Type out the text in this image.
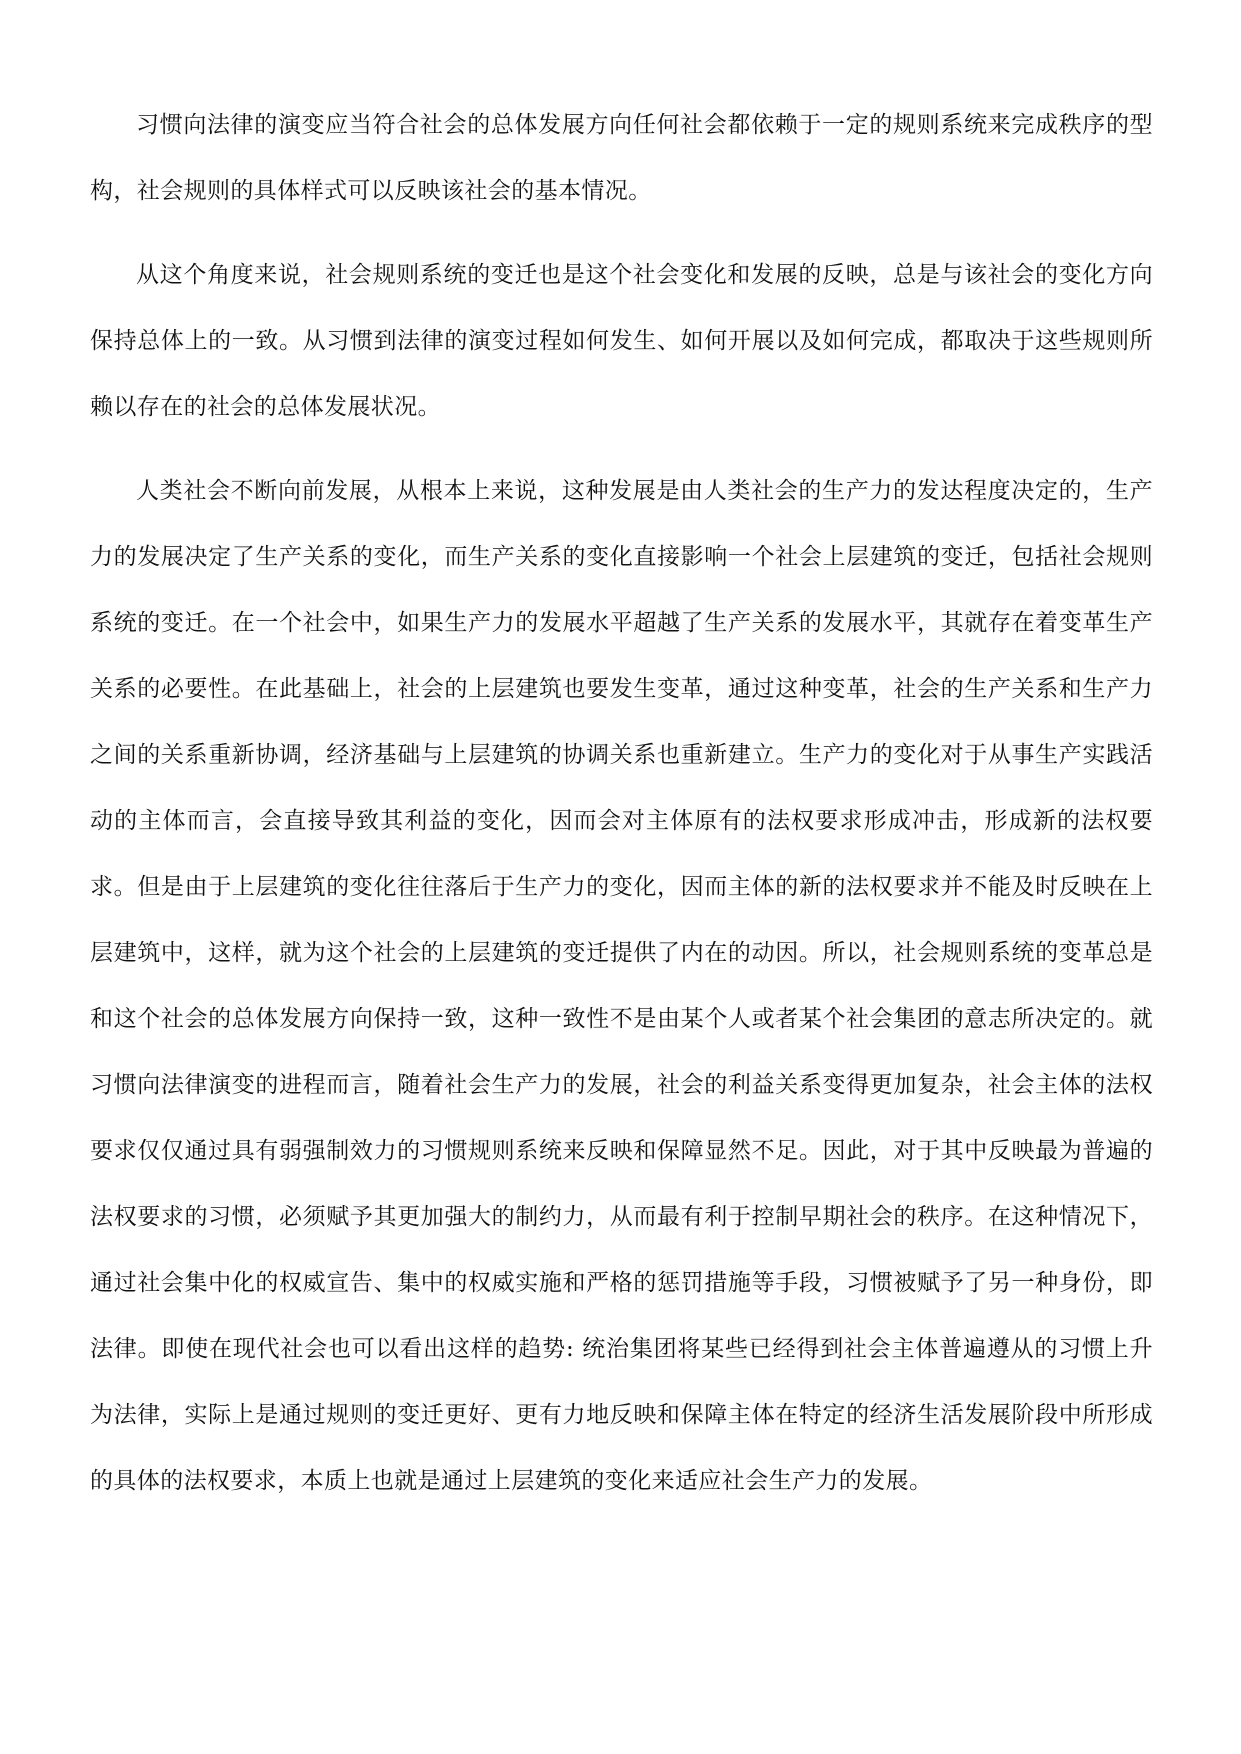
习惯向法律的演变应当符合社会的总体发展方向任何社会都依赖于一定的规则系统来完成秩序的型构，社会规则的具体样式可以反映该社会的基本情况。

从这个角度来说，社会规则系统的变迁也是这个社会变化和发展的反映，总是与该社会的变化方向保持总体上的一致。从习惯到法律的演变过程如何发生、如何开展以及如何完成，都取决于这些规则所赖以存在的社会的总体发展状况。

人类社会不断向前发展，从根本上来说，这种发展是由人类社会的生产力的发达程度决定的，生产力的发展决定了生产关系的变化，而生产关系的变化直接影响一个社会上层建筑的变迁，包括社会规则系统的变迁。在一个社会中，如果生产力的发展水平超越了生产关系的发展水平，其就存在着变革生产关系的必要性。在此基础上，社会的上层建筑也要发生变革，通过这种变革，社会的生产关系和生产力之间的关系重新协调，经济基础与上层建筑的协调关系也重新建立。生产力的变化对于从事生产实践活动的主体而言，会直接导致其利益的变化，因而会对主体原有的法权要求形成冲击，形成新的法权要求。但是由于上层建筑的变化往往落后于生产力的变化，因而主体的新的法权要求并不能及时反映在上层建筑中，这样，就为这个社会的上层建筑的变迁提供了内在的动因。所以，社会规则系统的变革总是和这个社会的总体发展方向保持一致，这种一致性不是由某个人或者某个社会集团的意志所决定的。就习惯向法律演变的进程而言，随着社会生产力的发展，社会的利益关系变得更加复杂，社会主体的法权要求仅仅通过具有弱强制效力的习惯规则系统来反映和保障显然不足。因此，对于其中反映最为普遍的法权要求的习惯，必须赋予其更加强大的制约力，从而最有利于控制早期社会的秩序。在这种情况下，通过社会集中化的权威宣告、集中的权威实施和严格的惩罚措施等手段，习惯被赋予了另一种身份，即法律。即使在现代社会也可以看出这样的趋势: 统治集团将某些已经得到社会主体普遍遵从的习惯上升为法律，实际上是通过规则的变迁更好、更有力地反映和保障主体在特定的经济生活发展阶段中所形成的具体的法权要求，本质上也就是通过上层建筑的变化来适应社会生产力的发展。
